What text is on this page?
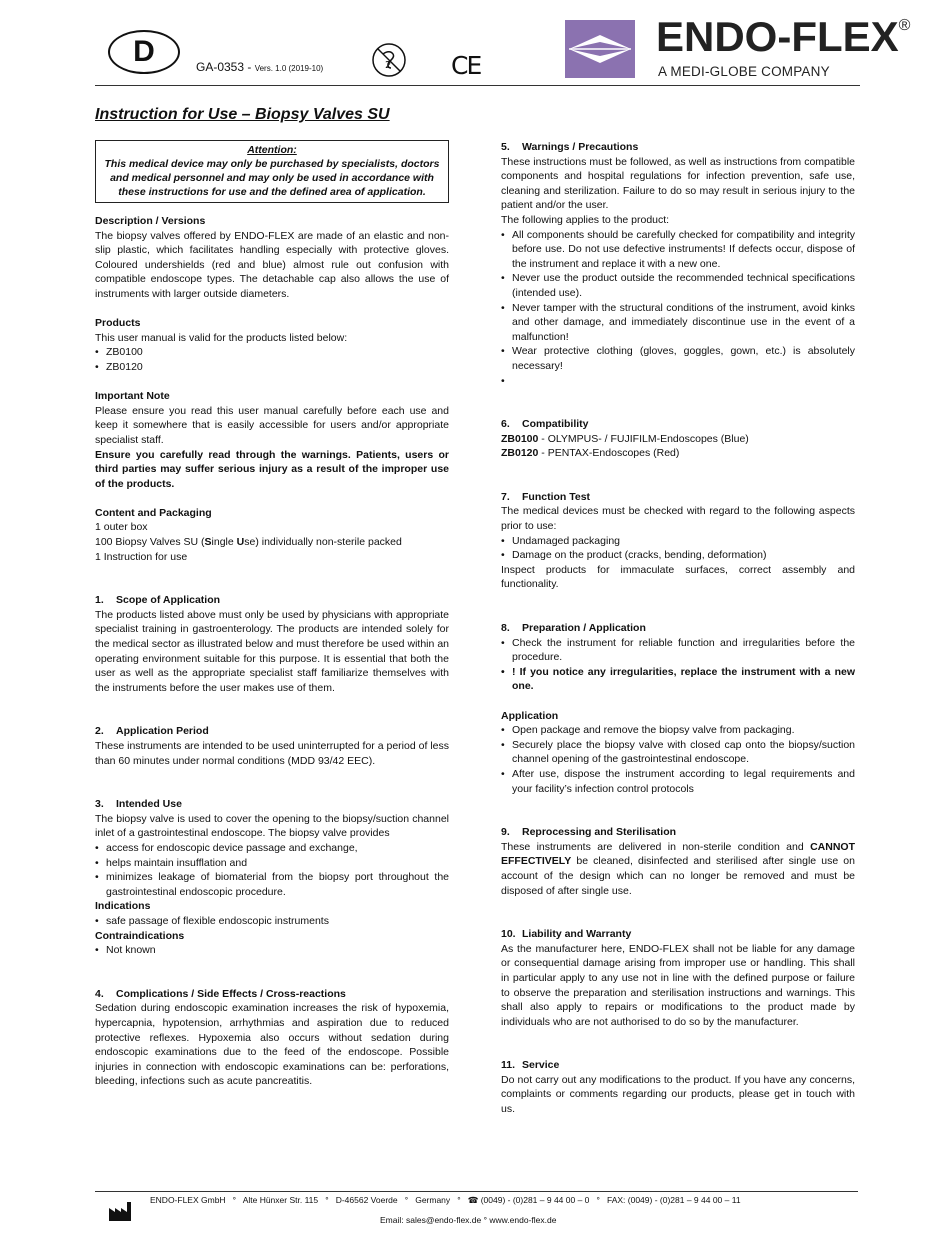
D	GA-0353 - Vers. 1.0 (2019-10)	2 CE
ENDO-FLEX®
A MEDI-GLOBE COMPANY
Instruction for Use – Biopsy Valves SU
Attention:
This medical device may only be purchased by specialists, doctors and medical personnel and may only be used in accordance with these instructions for use and the defined area of application.

Description / Versions

The biopsy valves offered by ENDO-FLEX are made of an elastic and non-slip plastic, which facilitates handling especially with protective gloves. Coloured undershields (red and blue) almost rule out confusion with compatible endoscope types. The detachable cap also allows the use of instruments with larger outside diameters.

Products

This user manual is valid for the products listed below:

• ZB0100
• ZB0120

Important Note

Please ensure you read this user manual carefully before each use and keep it somewhere that is easily accessible for users and/or appropriate specialist staff.

Ensure you carefully read through the warnings. Patients, users or third parties may suffer serious injury as a result of the improper use of the products.

Content and Packaging

1 outer box

100 Biopsy Valves SU (Single Use) individually non-sterile packed

1 Instruction for use

1. Scope of Application

The products listed above must only be used by physicians with appropriate specialist training in gastroenterology. The products are intended solely for the medical sector as illustrated below and must therefore be used within an operating environment suitable for this purpose. It is essential that both the user as well as the appropriate specialist staff familiarize themselves with the instruments before the user makes use of them.

2. Application Period

These instruments are intended to be used uninterrupted for a period of less than 60 minutes under normal conditions (MDD 93/42 EEC).

3. Intended Use

The biopsy valve is used to cover the opening to the biopsy/suction channel inlet of a gastrointestinal endoscope. The biopsy valve provides

• access for endoscopic device passage and exchange,
• helps maintain insufflation and
• minimizes leakage of biomaterial from the biopsy port throughout the gastrointestinal endoscopic procedure.

Indications

• safe passage of flexible endoscopic instruments

Contraindications

• Not known

4. Complications / Side Effects / Cross-reactions

Sedation during endoscopic examination increases the risk of hypoxemia, hypercapnia, hypotension, arrhythmias and aspiration due to reduced protective reflexes. Hypoxemia also occurs without sedation during endoscopic examinations due to the feed of the endoscope. Possible injuries in connection with endoscopic examinations can be: perforations, bleeding, infections such as acute pancreatitis.

5. Warnings / Precautions

These instructions must be followed, as well as instructions from compatible components and hospital regulations for infection prevention, safe use, cleaning and sterilization. Failure to do so may result in serious injury to the patient and/or the user.

The following applies to the product:

• All components should be carefully checked for compatibility and integrity before use. Do not use defective instruments! If defects occur, dispose of the instrument and replace it with a new one.
• Never use the product outside the recommended technical specifications (intended use).
• Never tamper with the structural conditions of the instrument, avoid kinks and other damage, and immediately discontinue use in the event of a malfunction!
• Wear protective clothing (gloves, goggles, gown, etc.) is absolutely necessary!
•

6. Compatibility

ZB0100 - OLYMPUS- / FUJIFILM-Endoscopes (Blue)

ZB0120 - PENTAX-Endoscopes (Red)

7. Function Test

The medical devices must be checked with regard to the following aspects prior to use:

• Undamaged packaging
• Damage on the product (cracks, bending, deformation)

Inspect products for immaculate surfaces, correct assembly and functionality.

8. Preparation / Application

• Check the instrument for reliable function and irregularities before the procedure.
• ! If you notice any irregularities, replace the instrument with a new one.

Application

• Open package and remove the biopsy valve from packaging.
• Securely place the biopsy valve with closed cap onto the biopsy/suction channel opening of the gastrointestinal endoscope.
• After use, dispose the instrument according to legal requirements and your facility’s infection control protocols

9. Reprocessing and Sterilisation

These instruments are delivered in non-sterile condition and CANNOT EFFECTIVELY be cleaned, disinfected and sterilised after single use on account of the design which can no longer be removed and must be disposed of after single use.

10. Liability and Warranty

As the manufacturer here, ENDO-FLEX shall not be liable for any damage or consequential damage arising from improper use or handling. This shall in particular apply to any use not in line with the defined purpose or failure to observe the preparation and sterilisation instructions and warnings. This shall also apply to repairs or modifications to the product made by individuals who are not authorised to do so by the manufacturer.

11. Service

Do not carry out any modifications to the product. If you have any concerns, complaints or comments regarding our products, please get in touch with us.

ENDO-FLEX GmbH   °   Alte Hünxer Str. 115   °   D-46562 Voerde   °   Germany   °   ☎ (0049) - (0)281 – 9 44 00 – 0   °   FAX: (0049) - (0)281 – 9 44 00 – 11
Email: sales@endo-flex.de ° www.endo-flex.de
